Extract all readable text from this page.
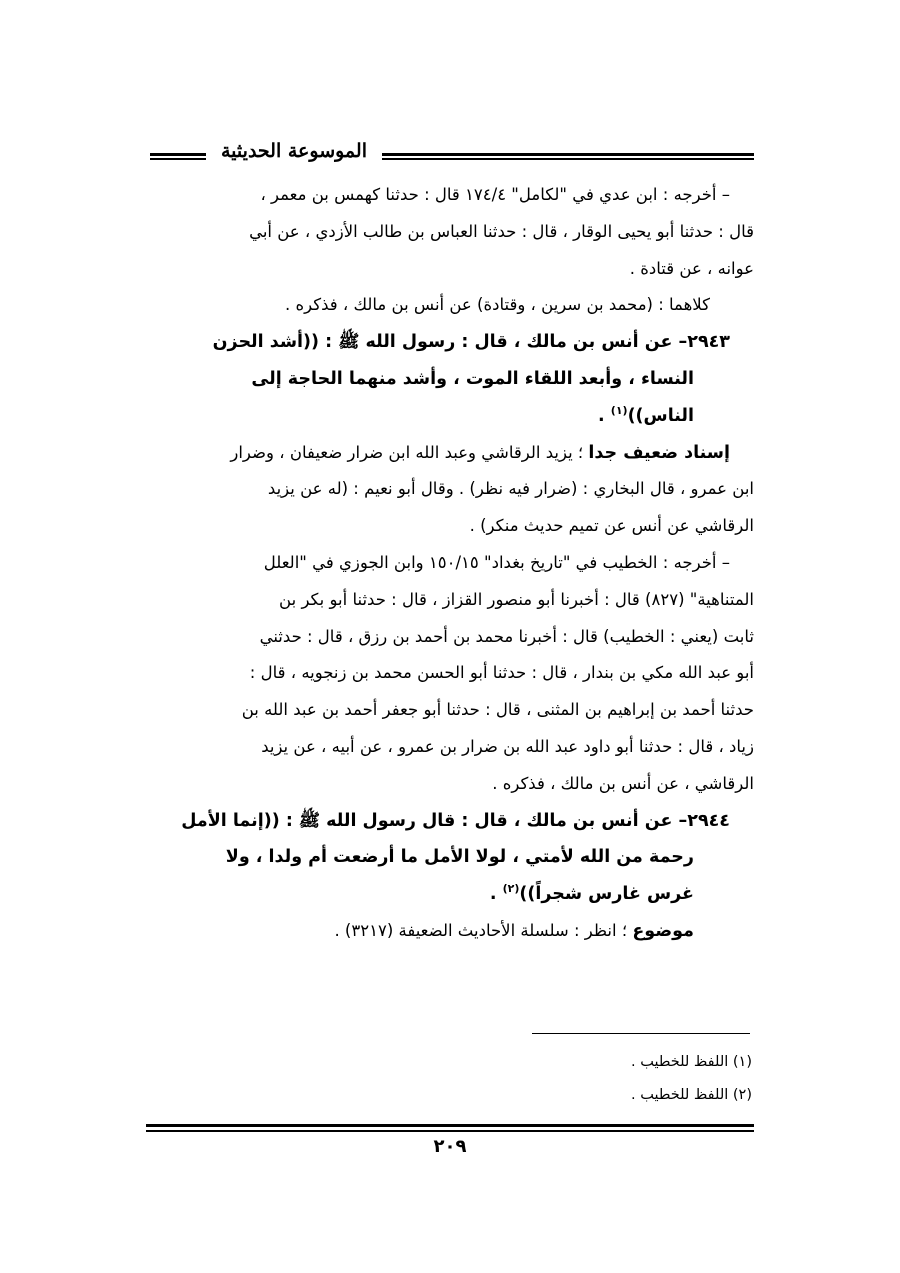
الموسوعة الحديثية
– أخرجه : ابن عدي في "لكامل" ١٧٤/٤ قال : حدثنا كهمس بن معمر ،
قال : حدثنا أبو يحيى الوقار ، قال : حدثنا العباس بن طالب الأزدي ، عن أبي
عوانه ، عن قتادة .
كلاهما : (محمد بن سرين ، وقتادة) عن أنس بن مالك ، فذكره .
٢٩٤٣– عن أنس بن مالك ، قال : رسول الله ﷺ : ((أشد الحزن
النساء ، وأبعد اللقاء الموت ، وأشد منهما الحاجة إلى
الناس))$^{(١)}$ .
إسناد ضعيف جدا ؛ يزيد الرقاشي وعبد الله ابن ضرار ضعيفان ، وضرار
ابن عمرو ، قال البخاري : (ضرار فيه نظر) . وقال أبو نعيم : (له عن يزيد
الرقاشي عن أنس عن تميم حديث منكر) .
– أخرجه : الخطيب في "تاريخ بغداد" ١٥٠/١٥ وابن الجوزي في "العلل
المتناهية" (٨٢٧) قال : أخبرنا أبو منصور القزاز ، قال : حدثنا أبو بكر بن
ثابت (يعني : الخطيب) قال : أخبرنا محمد بن أحمد بن رزق ، قال : حدثني
أبو عبد الله مكي بن بندار ، قال : حدثنا أبو الحسن محمد بن زنجويه ، قال :
حدثنا أحمد بن إبراهيم بن المثنى ، قال : حدثنا أبو جعفر أحمد بن عبد الله بن
زياد ، قال : حدثنا أبو داود عبد الله بن ضرار بن عمرو ، عن أبيه ، عن يزيد
الرقاشي ، عن أنس بن مالك ، فذكره .
٢٩٤٤– عن أنس بن مالك ، قال : قال رسول الله ﷺ : ((إنما الأمل
رحمة من الله لأمتي ، لولا الأمل ما أرضعت أم ولدا ، ولا
غرس غارس شجراً))$^{(٢)}$ .
موضوع ؛ انظر : سلسلة الأحاديث الضعيفة (٣٢١٧) .
(١) اللفظ للخطيب .
(٢) اللفظ للخطيب .
٢٠٩
